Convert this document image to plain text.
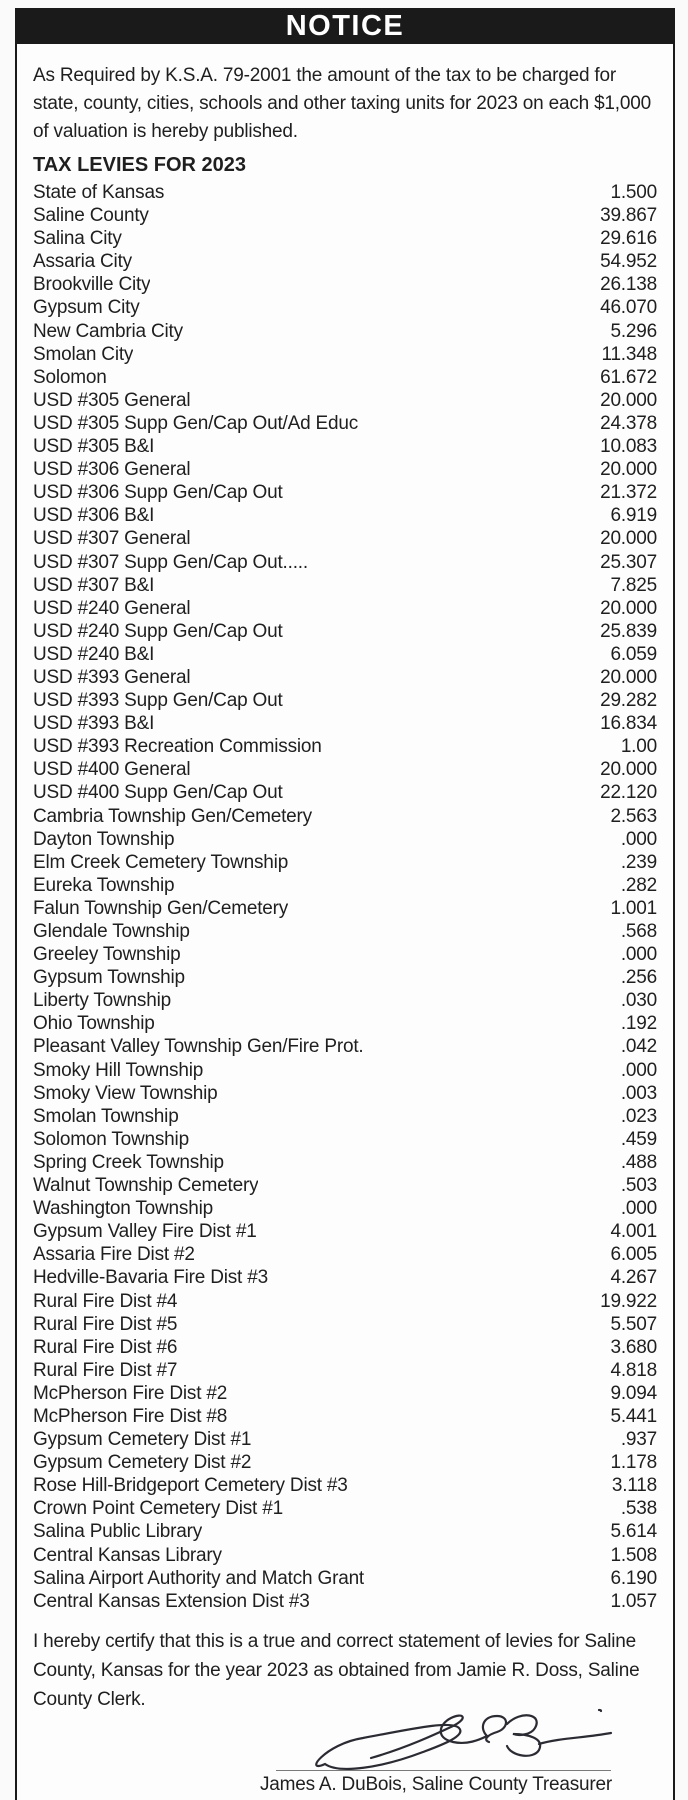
NOTICE

As Required by K.S.A. 79-2001 the amount of the tax to be charged for state, county, cities, schools and other taxing units for 2023 on each $1,000 of valuation is hereby published.

TAX LEVIES FOR 2023
State of Kansas	1.500
Saline County	39.867
Salina City	29.616
Assaria City	54.952
Brookville City	26.138
Gypsum City	46.070
New Cambria City	5.296
Smolan City	11.348
Solomon	61.672
USD #305 General	20.000
USD #305 Supp Gen/Cap Out/Ad Educ	24.378
USD #305 B&I	10.083
USD #306 General	20.000
USD #306 Supp Gen/Cap Out	21.372
USD #306 B&I	6.919
USD #307 General	20.000
USD #307 Supp Gen/Cap Out.....	25.307
USD #307 B&I	7.825
USD #240 General	20.000
USD #240 Supp Gen/Cap Out	25.839
USD #240 B&I	6.059
USD #393 General	20.000
USD #393 Supp Gen/Cap Out	29.282
USD #393 B&I	16.834
USD #393 Recreation Commission	1.00
USD #400 General	20.000
USD #400 Supp Gen/Cap Out	22.120
Cambria Township Gen/Cemetery	2.563
Dayton Township	.000
Elm Creek Cemetery Township	.239
Eureka Township	.282
Falun Township Gen/Cemetery	1.001
Glendale Township	.568
Greeley Township	.000
Gypsum Township	.256
Liberty Township	.030
Ohio Township	.192
Pleasant Valley Township Gen/Fire Prot.	.042
Smoky Hill Township	.000
Smoky View Township	.003
Smolan Township	.023
Solomon Township	.459
Spring Creek Township	.488
Walnut Township Cemetery	.503
Washington Township	.000
Gypsum Valley Fire Dist #1	4.001
Assaria Fire Dist #2	6.005
Hedville-Bavaria Fire Dist #3	4.267
Rural Fire Dist #4	19.922
Rural Fire Dist #5	5.507
Rural Fire Dist #6	3.680
Rural Fire Dist #7	4.818
McPherson Fire Dist #2	9.094
McPherson Fire Dist #8	5.441
Gypsum Cemetery Dist #1	.937
Gypsum Cemetery Dist #2	1.178
Rose Hill-Bridgeport Cemetery Dist #3	3.118
Crown Point Cemetery Dist #1	.538
Salina Public Library	5.614
Central Kansas Library	1.508
Salina Airport Authority and Match Grant	6.190
Central Kansas Extension Dist #3	1.057

I hereby certify that this is a true and correct statement of levies for Saline County, Kansas for the year 2023 as obtained from Jamie R. Doss, Saline County Clerk.

James A. DuBois, Saline County Treasurer
